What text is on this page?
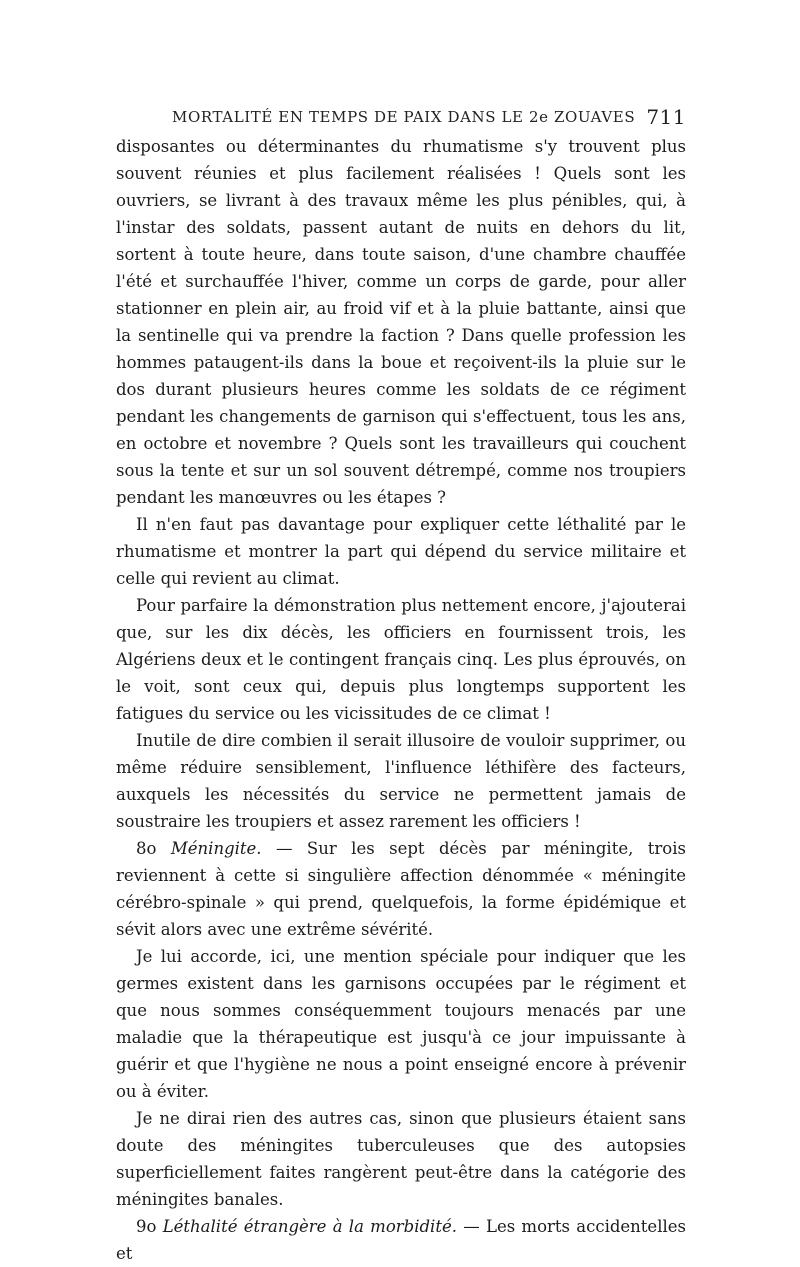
MORTALITÉ EN TEMPS DE PAIX DANS LE 2e ZOUAVES 711

disposantes ou déterminantes du rhumatisme s'y trouvent plus souvent réunies et plus facilement réalisées ! Quels sont les ouvriers, se livrant à des travaux même les plus pénibles, qui, à l'instar des soldats, passent autant de nuits en dehors du lit, sortent à toute heure, dans toute saison, d'une chambre chauffée l'été et surchauffée l'hiver, comme un corps de garde, pour aller stationner en plein air, au froid vif et à la pluie battante, ainsi que la sentinelle qui va prendre la faction ? Dans quelle profession les hommes pataugent-ils dans la boue et reçoivent-ils la pluie sur le dos durant plusieurs heures comme les soldats de ce régiment pendant les changements de garnison qui s'effectuent, tous les ans, en octobre et novembre ? Quels sont les travailleurs qui couchent sous la tente et sur un sol souvent détrempé, comme nos troupiers pendant les manœuvres ou les étapes ?

Il n'en faut pas davantage pour expliquer cette léthalité par le rhumatisme et montrer la part qui dépend du service militaire et celle qui revient au climat.

Pour parfaire la démonstration plus nettement encore, j'ajouterai que, sur les dix décès, les officiers en fournissent trois, les Algériens deux et le contingent français cinq. Les plus éprouvés, on le voit, sont ceux qui, depuis plus longtemps supportent les fatigues du service ou les vicissitudes de ce climat !

Inutile de dire combien il serait illusoire de vouloir supprimer, ou même réduire sensiblement, l'influence léthifère des facteurs, auxquels les nécessités du service ne permettent jamais de soustraire les troupiers et assez rarement les officiers !

8o Méningite. — Sur les sept décès par méningite, trois reviennent à cette si singulière affection dénommée « méningite cérébro-spinale » qui prend, quelquefois, la forme épidémique et sévit alors avec une extrême sévérité.

Je lui accorde, ici, une mention spéciale pour indiquer que les germes existent dans les garnisons occupées par le régiment et que nous sommes conséquemment toujours menacés par une maladie que la thérapeutique est jusqu'à ce jour impuissante à guérir et que l'hygiène ne nous a point enseigné encore à prévenir ou à éviter.

Je ne dirai rien des autres cas, sinon que plusieurs étaient sans doute des méningites tuberculeuses que des autopsies superficiellement faites rangèrent peut-être dans la catégorie des méningites banales.

9o Léthalité étrangère à la morbidité. — Les morts accidentelles et
